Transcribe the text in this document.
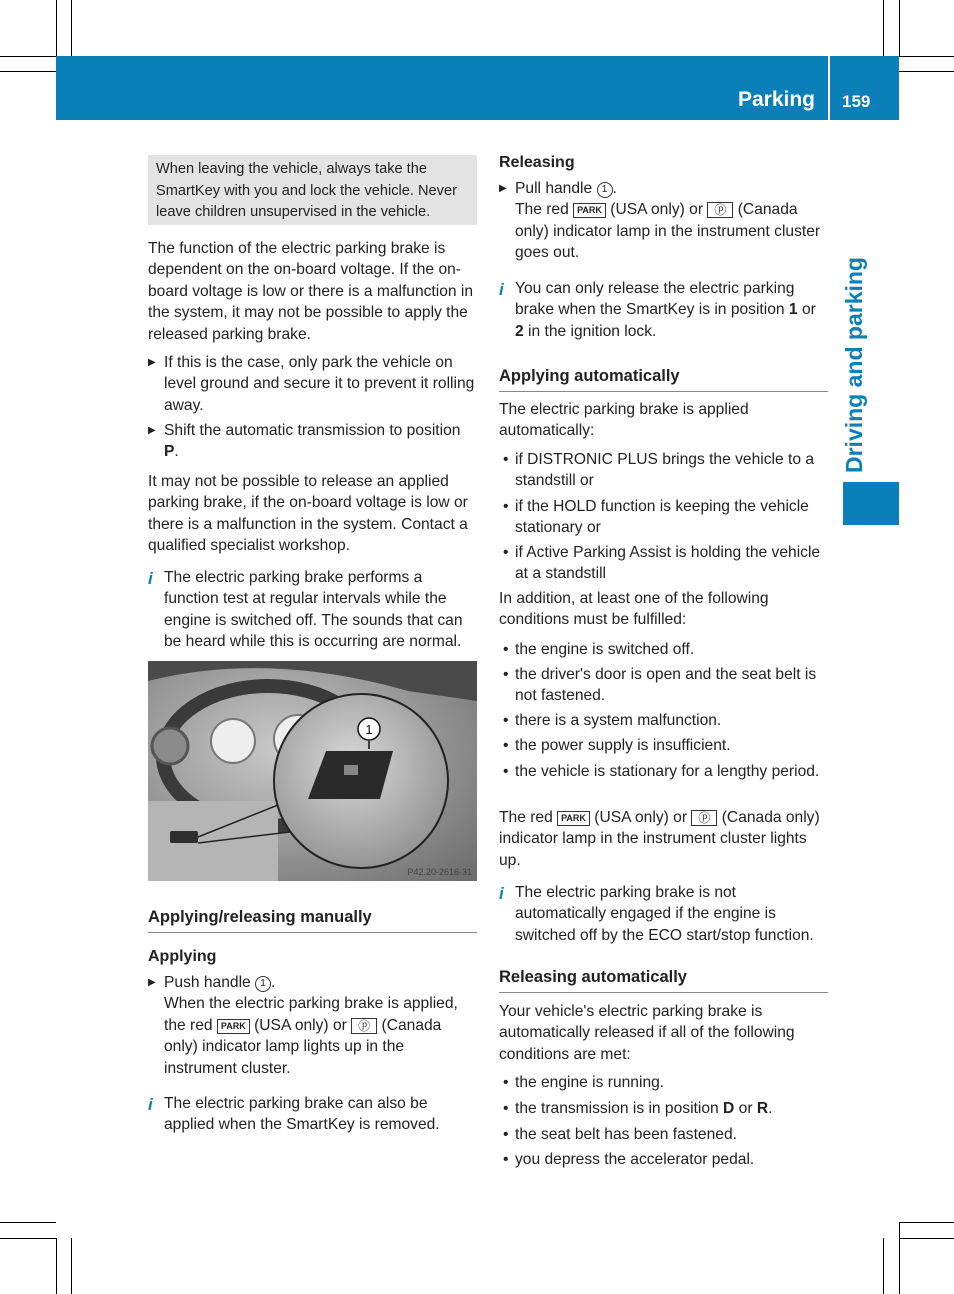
Parking 159
Driving and parking
When leaving the vehicle, always take the SmartKey with you and lock the vehicle. Never leave children unsupervised in the vehicle.

The function of the electric parking brake is dependent on the on-board voltage. If the on-board voltage is low or there is a malfunction in the system, it may not be possible to apply the released parking brake.

▶ If this is the case, only park the vehicle on level ground and secure it to prevent it rolling away.
▶ Shift the automatic transmission to position P.

It may not be possible to release an applied parking brake, if the on-board voltage is low or there is a malfunction in the system. Contact a qualified specialist workshop.

i The electric parking brake performs a function test at regular intervals while the engine is switched off. The sounds that can be heard while this is occurring are normal.
Applying/releasing manually
Applying
▶ Push handle 1 .
When the electric parking brake is applied, the red PARK (USA only) or ⓟ (Canada only) indicator lamp lights up in the instrument cluster.
i The electric parking brake can also be applied when the SmartKey is removed.
1
P42.20-2616-31
Releasing
▶ Pull handle 1 .
The red PARK (USA only) or ⓟ (Canada only) indicator lamp in the instrument cluster goes out.
i You can only release the electric parking brake when the SmartKey is in position 1 or 2 in the ignition lock.
Applying automatically

The electric parking brake is applied automatically:

• if DISTRONIC PLUS brings the vehicle to a standstill or
• if the HOLD function is keeping the vehicle stationary or
• if Active Parking Assist is holding the vehicle at a standstill

In addition, at least one of the following conditions must be fulfilled:

• the engine is switched off.
• the driver's door is open and the seat belt is not fastened.
• there is a system malfunction.
• the power supply is insufficient.
• the vehicle is stationary for a lengthy period.

The red PARK (USA only) or ⓟ (Canada only) indicator lamp in the instrument cluster lights up.

i The electric parking brake is not automatically engaged if the engine is switched off by the ECO start/stop function.
Releasing automatically

Your vehicle's electric parking brake is automatically released if all of the following conditions are met:

• the engine is running.
• the transmission is in position D or R.
• the seat belt has been fastened.
• you depress the accelerator pedal.
